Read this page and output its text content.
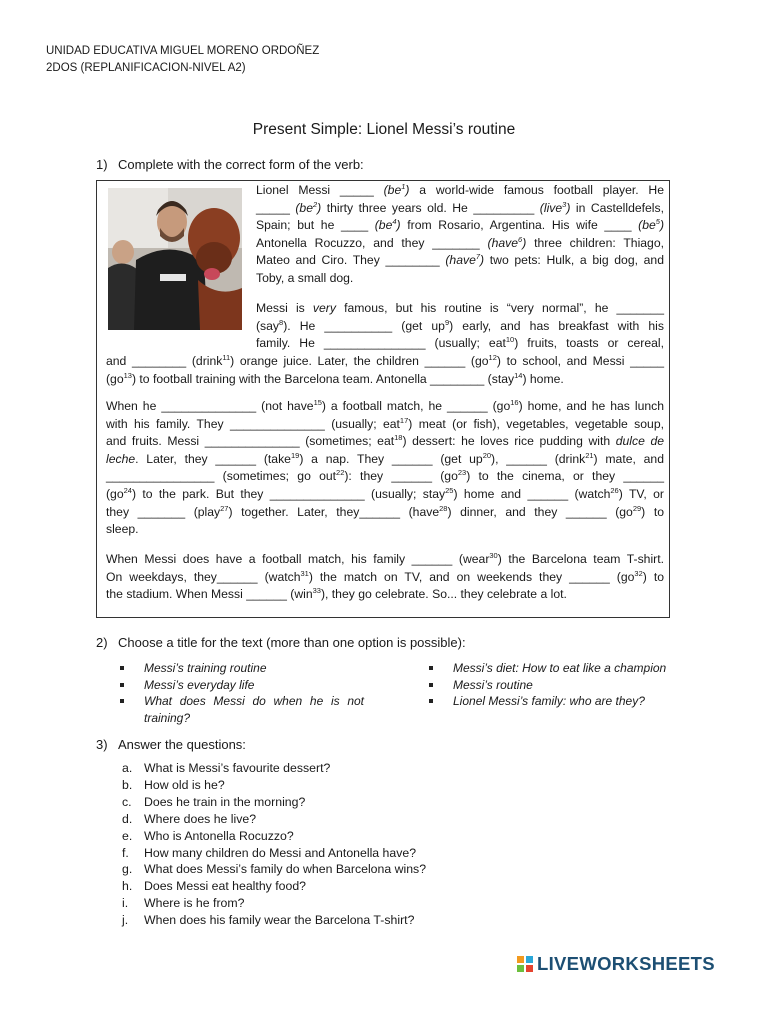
UNIDAD EDUCATIVA MIGUEL MORENO ORDOÑEZ
2DOS (REPLANIFICACION-NIVEL A2)
Present Simple: Lionel Messi’s routine
1) Complete with the correct form of the verb:
Lionel Messi _____ $(be^1)$ a world-wide famous football player. He
_____ $(be^2)$ thirty three years old. He _________ (live$^3$) in Castelldefels,
Spain; but he ____ $(be^4)$ from Rosario, Argentina. His wife ____ $(be^5)$
Antonella Rocuzzo, and they _______ (have$^6$) three children: Thiago,
Mateo and Ciro. They ________ (have$^7$) two pets: Hulk, a big dog, and
Toby, a small dog.
Messi is very famous, but his routine is “very normal”, he _______
(say$^8$). He __________ (get $up^9$) early, and has breakfast with his
family. He _______________ (usually; eat$^{10}$) fruits, toasts or cereal,
and ________ (drink$^{11}$) orange juice. Later, the children ______ $(go^{12})$ to school, and Messi _____
$(go^{13})$ to football training with the Barcelona team. Antonella ________ (stay$^{14}$) home.
When he ______________ (not have$^{15}$) a football match, he ______ $(go^{16})$ home, and he has lunch
with his family. They ______________ (usually; eat$^{17}$) meat (or fish), vegetables, vegetable soup,
and fruits. Messi ______________ (sometimes; eat$^{18}$) dessert: he loves rice pudding with dulce de
leche. Later, they ______ (take$^{19}$) a nap. They ______ (get $up^{20}$), ______ (drink$^{21}$) mate, and
________________ (sometimes; go out$^{22}$): they ______ $(go^{23})$ to the cinema, or they ______
$(go^{24})$ to the park. But they ______________ (usually; stay$^{25}$) home and ______ (watch$^{26}$) TV, or
they _______ (play$^{27}$) together. Later, they______ (have$^{28}$) dinner, and they ______ $(go^{29})$ to
sleep.
When Messi does have a football match, his family ______ (wear$^{30}$) the Barcelona team T-shirt.
On weekdays, they______ (watch$^{31}$) the match on TV, and on weekends they ______ $(go^{32})$ to
the stadium. When Messi ______ (win$^{33}$), they go celebrate. So... they celebrate a lot.
2) Choose a title for the text (more than one option is possible):
Messi’s training routine
Messi’s everyday life
What does Messi do when he is not
training?
Messi’s diet: How to eat like a champion
Messi’s routine
Lionel Messi’s family: who are they?
3) Answer the questions:
a. What is Messi’s favourite dessert?
b. How old is he?
c. Does he train in the morning?
d. Where does he live?
e. Who is Antonella Rocuzzo?
f. How many children do Messi and Antonella have?
g. What does Messi’s family do when Barcelona wins?
h. Does Messi eat healthy food?
i. Where is he from?
j. When does his family wear the Barcelona T-shirt?
LIVEWORKSHEETS
